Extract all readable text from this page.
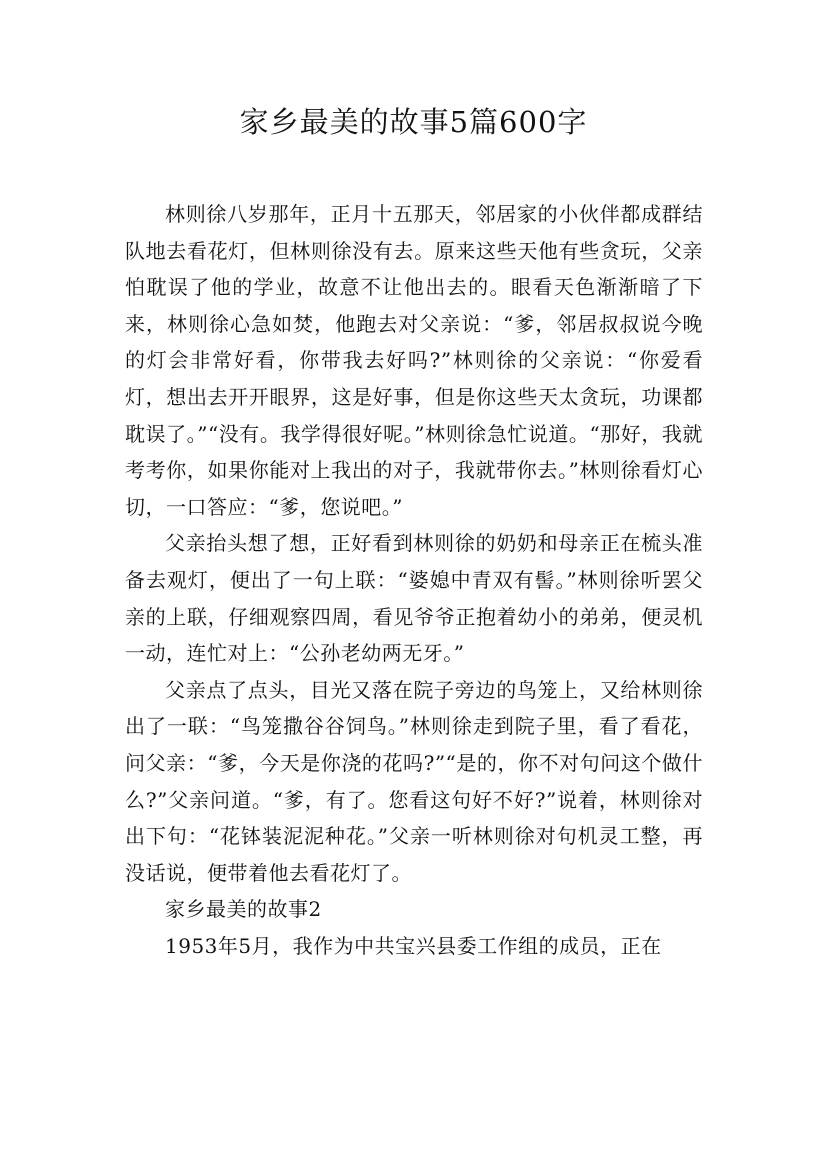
家乡最美的故事5篇600字

林则徐八岁那年，正月十五那天，邻居家的小伙伴都成群结队地去看花灯，但林则徐没有去。原来这些天他有些贪玩，父亲怕耽误了他的学业，故意不让他出去的。眼看天色渐渐暗了下来，林则徐心急如焚，他跑去对父亲说：“爹，邻居叔叔说今晚的灯会非常好看，你带我去好吗?”林则徐的父亲说：“你爱看灯，想出去开开眼界，这是好事，但是你这些天太贪玩，功课都耽误了。”“没有。我学得很好呢。”林则徐急忙说道。“那好，我就考考你，如果你能对上我出的对子，我就带你去。”林则徐看灯心切，一口答应：“爹，您说吧。”

父亲抬头想了想，正好看到林则徐的奶奶和母亲正在梳头准备去观灯，便出了一句上联：“婆媳中青双有髻。”林则徐听罢父亲的上联，仔细观察四周，看见爷爷正抱着幼小的弟弟，便灵机一动，连忙对上：“公孙老幼两无牙。”

父亲点了点头，目光又落在院子旁边的鸟笼上，又给林则徐出了一联：“鸟笼撒谷谷饲鸟。”林则徐走到院子里，看了看花，问父亲：“爹，今天是你浇的花吗?”“是的，你不对句问这个做什么?”父亲问道。“爹，有了。您看这句好不好?”说着，林则徐对出下句：“花钵装泥泥种花。”父亲一听林则徐对句机灵工整，再没话说，便带着他去看花灯了。

家乡最美的故事2

1953年5月，我作为中共宝兴县委工作组的成员，正在
